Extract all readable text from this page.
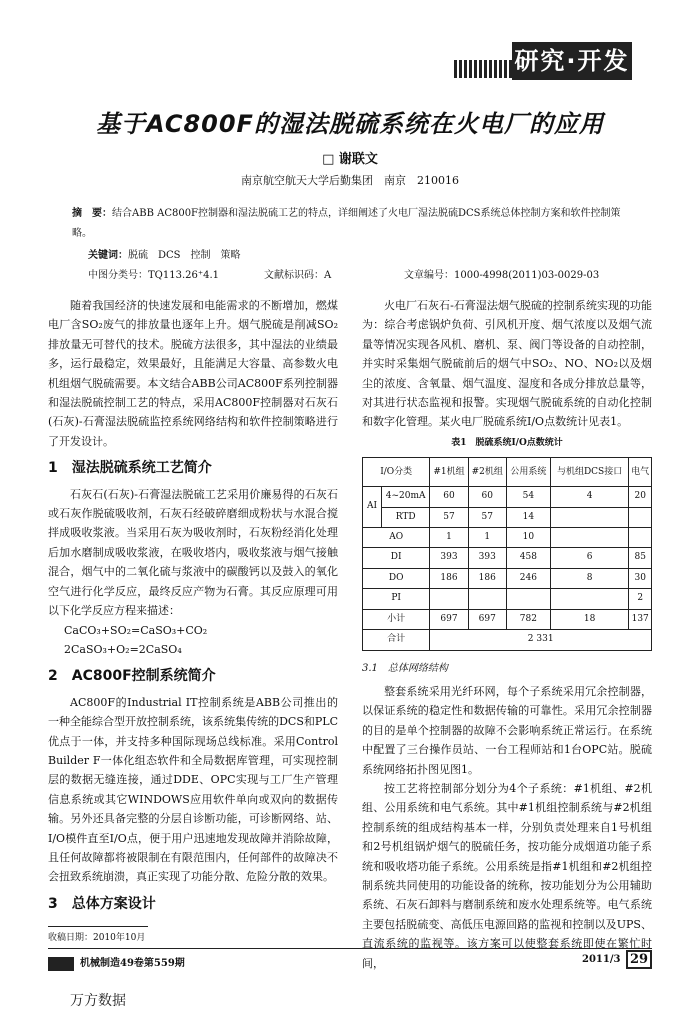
研究·开发
基于AC800F的湿法脱硫系统在火电厂的应用
□ 谢联文
南京航空航天大学后勤集团　南京　210016
摘　要：结合ABB AC800F控制器和湿法脱硫工艺的特点，详细阐述了火电厂湿法脱硫DCS系统总体控制方案和软件控制策略。
关键词：脱硫　DCS　控制　策略
中图分类号：TQ113.26⁺4.1	文献标识码：A	文章编号：1000-4998(2011)03-0029-03

随着我国经济的快速发展和电能需求的不断增加，燃煤电厂含SO₂废气的排放量也逐年上升。烟气脱硫是削减SO₂排放量无可替代的技术。脱硫方法很多，其中湿法的业绩最多，运行最稳定，效果最好，且能满足大容量、高参数火电机组烟气脱硫需要。本文结合ABB公司AC800F系列控制器和湿法脱硫控制工艺的特点，采用AC800F控制器对石灰石(石灰)-石膏湿法脱硫监控系统网络结构和软件控制策略进行了开发设计。

1　湿法脱硫系统工艺简介

石灰石(石灰)-石膏湿法脱硫工艺采用价廉易得的石灰石或石灰作脱硫吸收剂，石灰石经破碎磨细成粉状与水混合搅拌成吸收浆液。当采用石灰为吸收剂时，石灰粉经消化处理后加水磨制成吸收浆液，在吸收塔内，吸收浆液与烟气接触混合，烟气中的二氧化硫与浆液中的碳酸钙以及鼓入的氧化空气进行化学反应，最终反应产物为石膏。其反应原理可用以下化学反应方程来描述：

CaCO₃+SO₂=CaSO₃+CO₂
2CaSO₃+O₂=2CaSO₄
2　AC800F控制系统简介

AC800F的Industrial IT控制系统是ABB公司推出的一种全能综合型开放控制系统，该系统集传统的DCS和PLC优点于一体，并支持多种国际现场总线标准。采用Control Builder F一体化组态软件和全局数据库管理，可实现控制层的数据无缝连接，通过DDE、OPC实现与工厂生产管理信息系统或其它WINDOWS应用软件单向或双向的数据传输。另外还具备完整的分层自诊断功能，可诊断网络、站、I/O模件直至I/O点，便于用户迅速地发现故障并消除故障，且任何故障都将被限制在有限范围内，任何部件的故障决不会扭致系统崩溃，真正实现了功能分散、危险分散的效果。

3　总体方案设计
收稿日期：2010年10月

火电厂石灰石-石膏湿法烟气脱硫的控制系统实现的功能为：综合考虑锅炉负荷、引风机开度、烟气浓度以及烟气流量等情况实现各风机、磨机、泵、阀门等设备的自动控制，并实时采集烟气脱硫前后的烟气中SO₂、NO、NO₂以及烟尘的浓度、含氧量、烟气温度、湿度和各成分排放总量等，对其进行状态监视和报警。实现烟气脱硫系统的自动化控制和数字化管理。某火电厂脱硫系统I/O点数统计见表1。

表1　脱硫系统I/O点数统计
I/O分类		#1机组	#2机组	公用系统	与机组DCS接口	电气
AI	4~20mA	60	60	54	4	20
	RTD	57	57	14		
AO		1	1	10		
DI		393	393	458	6	85
DO		186	186	246	8	30
PI						2
小计		697	697	782	18	137
合计		2 331				
3.1　总体网络结构

整套系统采用光纤环网，每个子系统采用冗余控制器，以保证系统的稳定性和数据传输的可靠性。采用冗余控制器的目的是单个控制器的故障不会影响系统正常运行。在系统中配置了三台操作员站、一台工程师站和1台OPC站。脱硫系统网络拓扑图见图1。

按工艺将控制部分划分为4个子系统：#1机组、#2机组、公用系统和电气系统。其中#1机组控制系统与#2机组控制系统的组成结构基本一样，分别负责处理来自1号机组和2号机组锅炉烟气的脱硫任务，按功能分成烟道功能子系统和吸收塔功能子系统。公用系统是指#1机组和#2机组控制系统共同使用的功能设备的统称，按功能划分为公用辅助系统、石灰石卸料与磨制系统和废水处理系统等。电气系统主要包括脱硫变、高低压电源回路的监视和控制以及UPS、直流系统的监视等。该方案可以使整套系统即使在繁忙时间，

机械制造49卷第559期	2011/3 29
万方数据
